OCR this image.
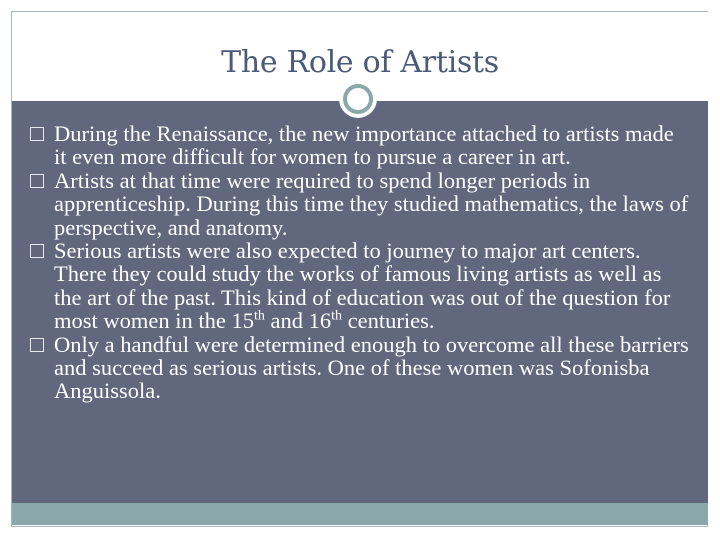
The Role of Artists
During the Renaissance, the new importance attached to artists made it even more difficult for women to pursue a career in art.
Artists at that time were required to spend longer periods in apprenticeship. During this time they studied mathematics, the laws of perspective, and anatomy.
Serious artists were also expected to journey to major art centers. There they could study the works of famous living artists as well as the art of the past. This kind of education was out of the question for most women in the 15th and 16th centuries.
Only a handful were determined enough to overcome all these barriers and succeed as serious artists. One of these women was Sofonisba Anguissola.
